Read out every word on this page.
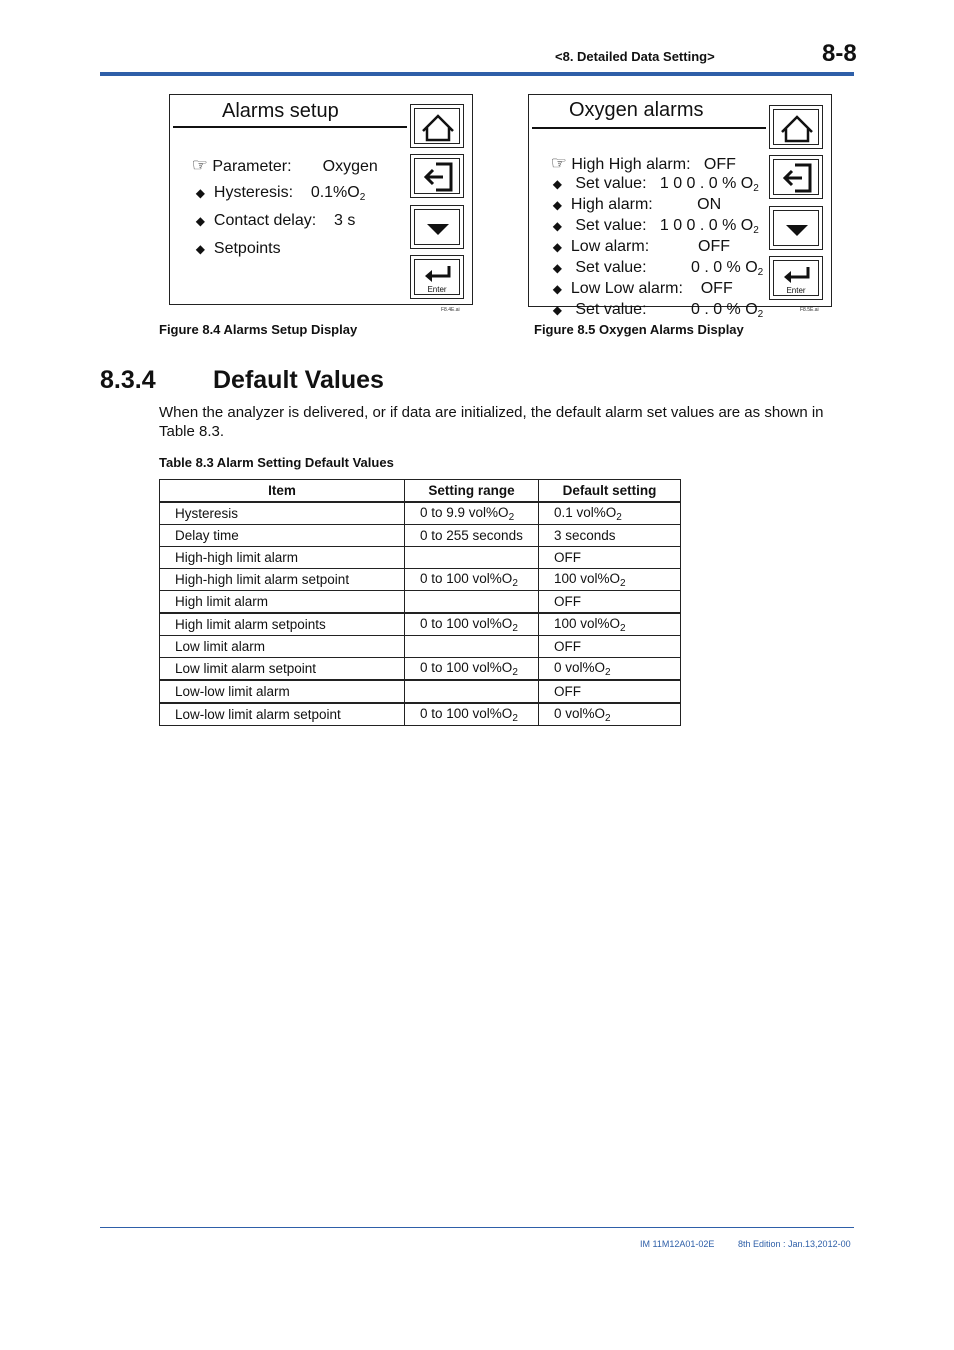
<8. Detailed Data Setting>	8-8
Alarms setup

☞ Parameter:       Oxygen

◆ Hysteresis:    $0.1\%O_2$

◆ Contact delay:    3 s

◆ Setpoints

Enter
F8.4E.ai
Figure 8.4 Alarms Setup Display
Oxygen alarms

☞ High High alarm:   OFF

◆   Set value:   1 0 0 . 0 % $O_2$

◆ High alarm:          ON

◆   Set value:   1 0 0 . 0 % $O_2$

◆ Low alarm:           OFF

◆   Set value:          0 . 0 % $O_2$

◆ Low Low alarm:    OFF

◆   Set value:          0 . 0 % $O_2$

Enter
F8.5E.ai
Figure 8.5 Oxygen Alarms Display
8.3.4 Default Values
When the analyzer is delivered, or if data are initialized, the default alarm set values are as shown in Table 8.3.
Table 8.3 Alarm Setting Default Values
Item	Setting range	Default setting
Hysteresis	0 to 9.9 $vol\%O_2$	0.1 $vol\%O_2$
Delay time	0 to 255 seconds	3 seconds
High-high limit alarm		OFF
High-high limit alarm setpoint	0 to 100 $vol\%O_2$	100 $vol\%O_2$
High limit alarm		OFF
High limit alarm setpoints	0 to 100 $vol\%O_2$	100 $vol\%O_2$
Low limit alarm		OFF
Low limit alarm setpoint	0 to 100 $vol\%O_2$	0 $vol\%O_2$
Low-low limit alarm		OFF
Low-low limit alarm setpoint	0 to 100 $vol\%O_2$	0 $vol\%O_2$
IM 11M12A01-02E	8th Edition : Jan.13,2012-00
